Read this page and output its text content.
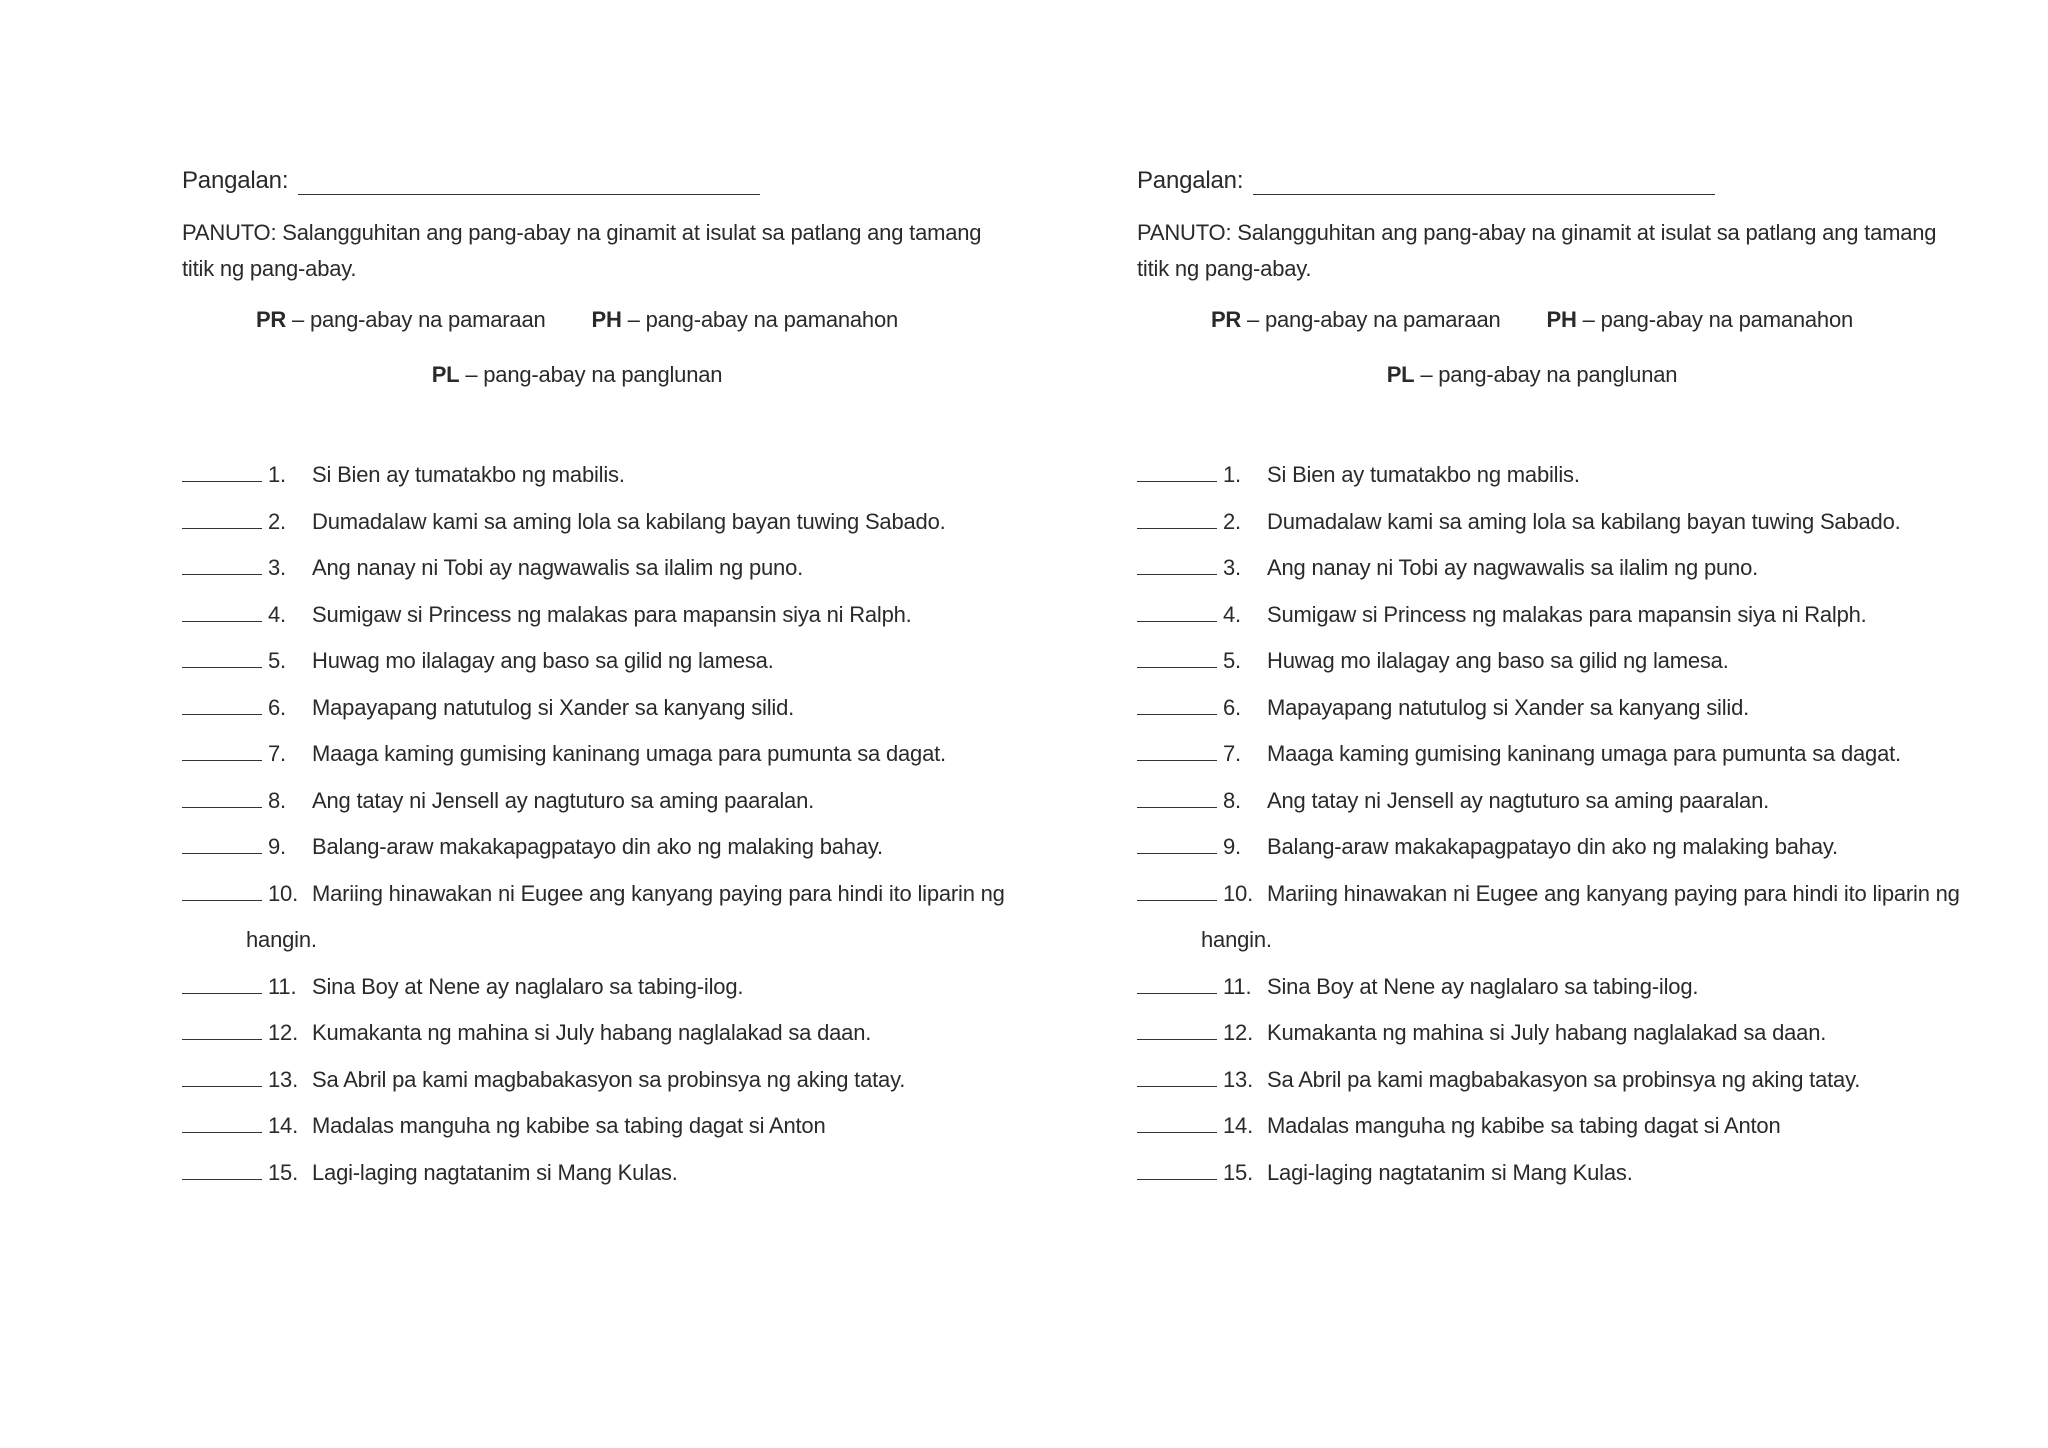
Pangalan:
PANUTO: Salangguhitan ang pang-abay na ginamit at isulat sa patlang ang tamang titik ng pang-abay.
PR – pang-abay na pamaraan PH – pang-abay na pamanahon
PL – pang-abay na panglunan
1.	Si Bien ay tumatakbo ng mabilis.
2.	Dumadalaw kami sa aming lola sa kabilang bayan tuwing Sabado.
3.	Ang nanay ni Tobi ay nagwawalis sa ilalim ng puno.
4.	Sumigaw si Princess ng malakas para mapansin siya ni Ralph.
5.	Huwag mo ilalagay ang baso sa gilid ng lamesa.
6.	Mapayapang natutulog si Xander sa kanyang silid.
7.	Maaga kaming gumising kaninang umaga para pumunta sa dagat.
8.	Ang tatay ni Jensell ay nagtuturo sa aming paaralan.
9.	Balang-araw makakapagpatayo din ako ng malaking bahay.
10. Mariing hinawakan ni Eugee ang kanyang paying para hindi ito liparin ng
hangin.
11. Sina Boy at Nene ay naglalaro sa tabing-ilog.
12. Kumakanta ng mahina si July habang naglalakad sa daan.
13. Sa Abril pa kami magbabakasyon sa probinsya ng aking tatay.
14. Madalas manguha ng kabibe sa tabing dagat si Anton
15. Lagi-laging nagtatanim si Mang Kulas.
Pangalan:
PANUTO: Salangguhitan ang pang-abay na ginamit at isulat sa patlang ang tamang titik ng pang-abay.
PR – pang-abay na pamaraan PH – pang-abay na pamanahon
PL – pang-abay na panglunan
1.	Si Bien ay tumatakbo ng mabilis.
2.	Dumadalaw kami sa aming lola sa kabilang bayan tuwing Sabado.
3.	Ang nanay ni Tobi ay nagwawalis sa ilalim ng puno.
4.	Sumigaw si Princess ng malakas para mapansin siya ni Ralph.
5.	Huwag mo ilalagay ang baso sa gilid ng lamesa.
6.	Mapayapang natutulog si Xander sa kanyang silid.
7.	Maaga kaming gumising kaninang umaga para pumunta sa dagat.
8.	Ang tatay ni Jensell ay nagtuturo sa aming paaralan.
9.	Balang-araw makakapagpatayo din ako ng malaking bahay.
10. Mariing hinawakan ni Eugee ang kanyang paying para hindi ito liparin ng
hangin.
11. Sina Boy at Nene ay naglalaro sa tabing-ilog.
12. Kumakanta ng mahina si July habang naglalakad sa daan.
13. Sa Abril pa kami magbabakasyon sa probinsya ng aking tatay.
14. Madalas manguha ng kabibe sa tabing dagat si Anton
15. Lagi-laging nagtatanim si Mang Kulas.
